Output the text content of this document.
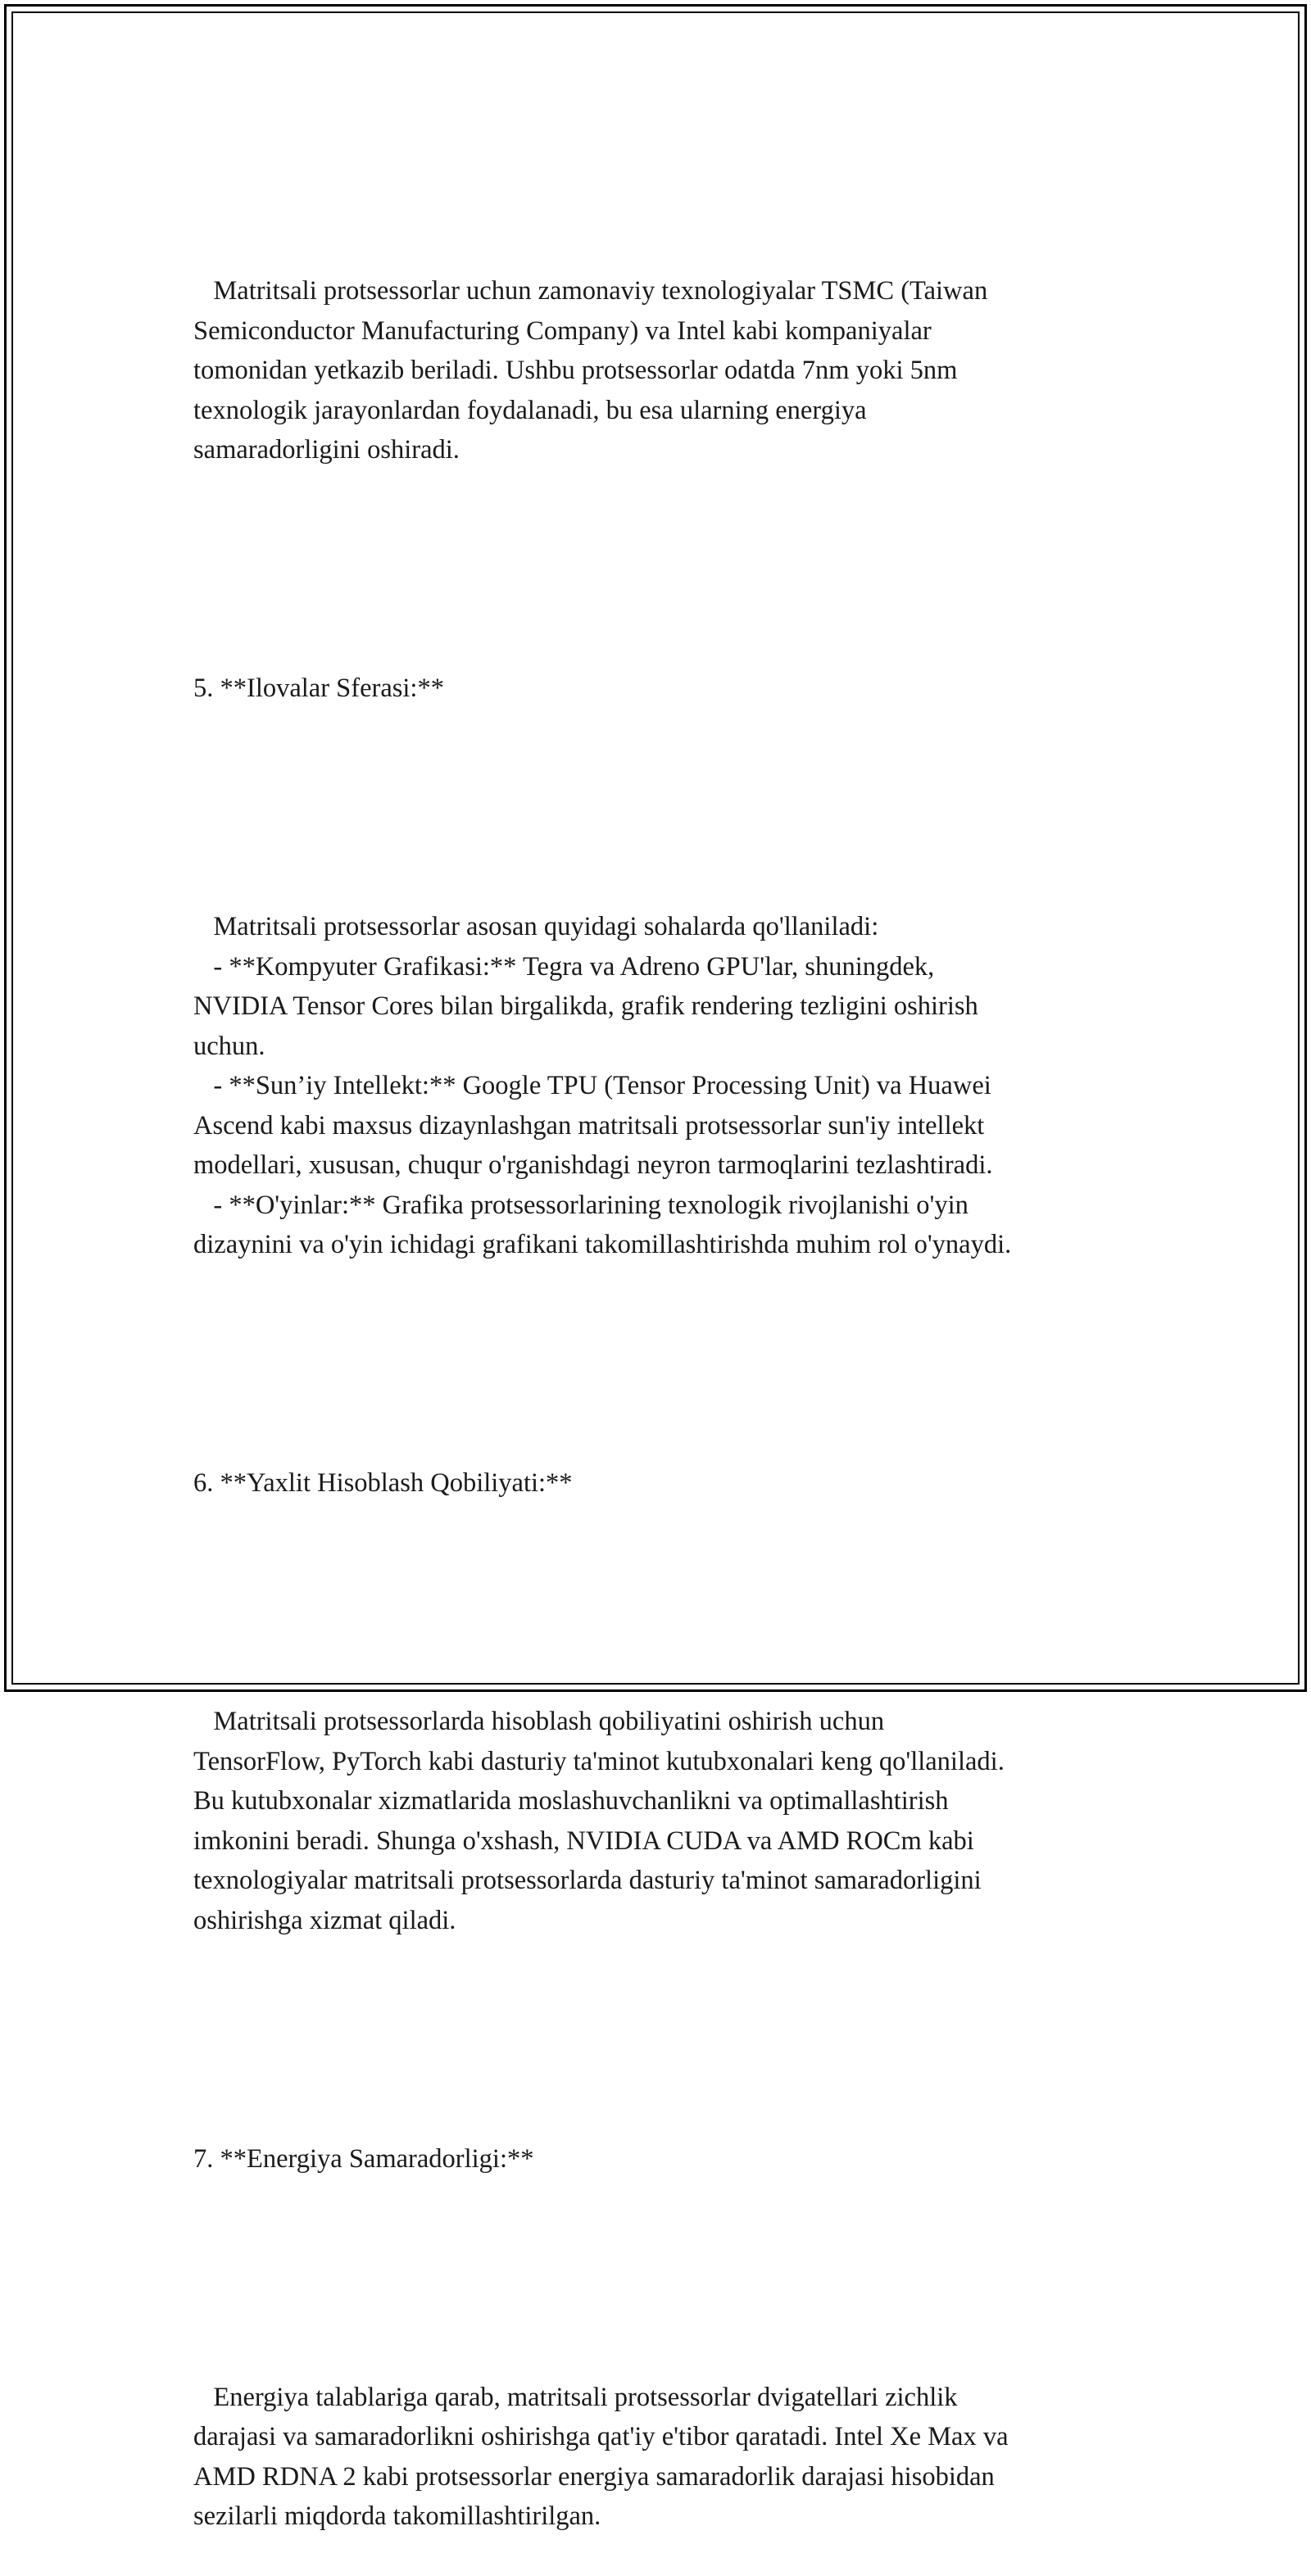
Matritsali protsessorlar uchun zamonaviy texnologiyalar TSMC (Taiwan
Semiconductor Manufacturing Company) va Intel kabi kompaniyalar
tomonidan yetkazib beriladi. Ushbu protsessorlar odatda 7nm yoki 5nm
texnologik jarayonlardan foydalanadi, bu esa ularning energiya
samaradorligini oshiradi.

5. **Ilovalar Sferasi:**

Matritsali protsessorlar asosan quyidagi sohalarda qo'llaniladi:
- **Kompyuter Grafikasi:** Tegra va Adreno GPU'lar, shuningdek,
NVIDIA Tensor Cores bilan birgalikda, grafik rendering tezligini oshirish
uchun.
- **Sun’iy Intellekt:** Google TPU (Tensor Processing Unit) va Huawei
Ascend kabi maxsus dizaynlashgan matritsali protsessorlar sun'iy intellekt
modellari, xususan, chuqur o'rganishdagi neyron tarmoqlarini tezlashtiradi.
- **O'yinlar:** Grafika protsessorlarining texnologik rivojlanishi o'yin
dizaynini va o'yin ichidagi grafikani takomillashtirishda muhim rol o'ynaydi.

6. **Yaxlit Hisoblash Qobiliyati:**

Matritsali protsessorlarda hisoblash qobiliyatini oshirish uchun
TensorFlow, PyTorch kabi dasturiy ta'minot kutubxonalari keng qo'llaniladi.
Bu kutubxonalar xizmatlarida moslashuvchanlikni va optimallashtirish
imkonini beradi. Shunga o'xshash, NVIDIA CUDA va AMD ROCm kabi
texnologiyalar matritsali protsessorlarda dasturiy ta'minot samaradorligini
oshirishga xizmat qiladi.

7. **Energiya Samaradorligi:**

Energiya talablariga qarab, matritsali protsessorlar dvigatellari zichlik
darajasi va samaradorlikni oshirishga qat'iy e'tibor qaratadi. Intel Xe Max va
AMD RDNA 2 kabi protsessorlar energiya samaradorlik darajasi hisobidan
sezilarli miqdorda takomillashtirilgan.
